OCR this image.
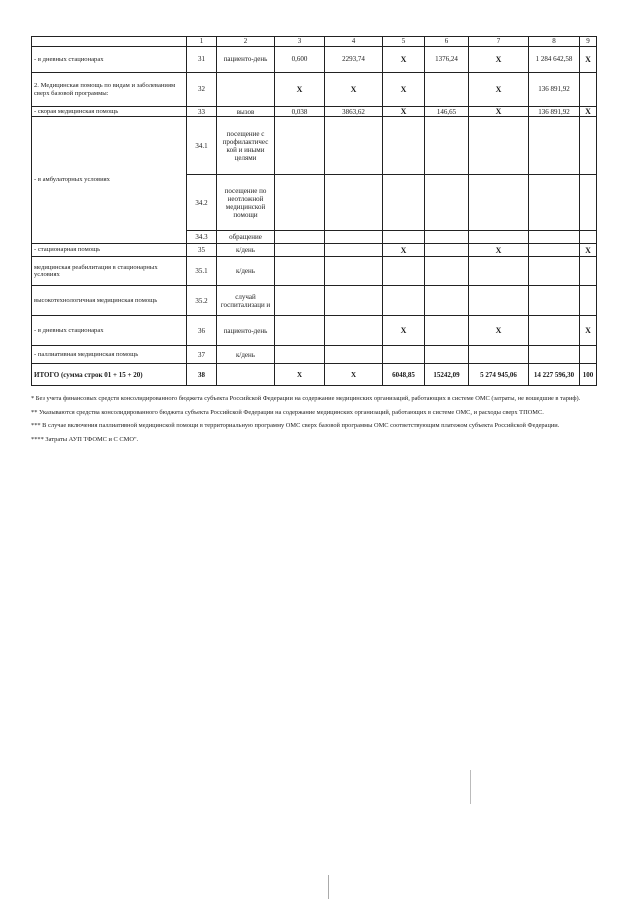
	1	2	3	4	5	6	7	8	9
- в дневных стационарах	31	пациенто-день	0,600	2293,74	X	1376,24	X	1 284 642,58	X
2. Медицинская помощь по видам и заболеваниям сверх базовой программы:	32		X	X	X		X	136 891,92	
- скорая медицинская помощь	33	вызов	0,038	3863,62	X	146,65	X	136 891,92	X
- в амбулаторных условиях	34.1	посещение с профилактичес кой и иными целями							
	34.2	посещение по неотложной медицинской помощи							
	34.3	обращение							
- стационарная помощь	35	к/день			X		X		X
медицинская реабилитация в стационарных условиях	35.1	к/день							
высокотехнологичная медицинская помощь	35.2	случай госпитализаци и							
- в дневных стационарах	36	пациенто-день			X		X		X
- паллиативная медицинская помощь	37	к/день							
ИТОГО (сумма строк 01 + 15 + 20)	38		X	X	6048,85	15242,09	5 274 945,06	14 227 596,30	100

* Без учета финансовых средств консолидированного бюджета субъекта Российской Федерации на содержание медицинских организаций, работающих в системе ОМС (затраты, не вошедшие в тариф).

** Указываются средства консолидированного бюджета субъекта Российской Федерации на содержание медицинских организаций, работающих в системе ОМС, и расходы сверх ТПОМС.

*** В случае включения паллиативной медицинской помощи в территориальную программу ОМС сверх базовой программы ОМС соответствующим платежом субъекта Российской Федерации.

**** Затраты АУП ТФОМС и С СМО".
